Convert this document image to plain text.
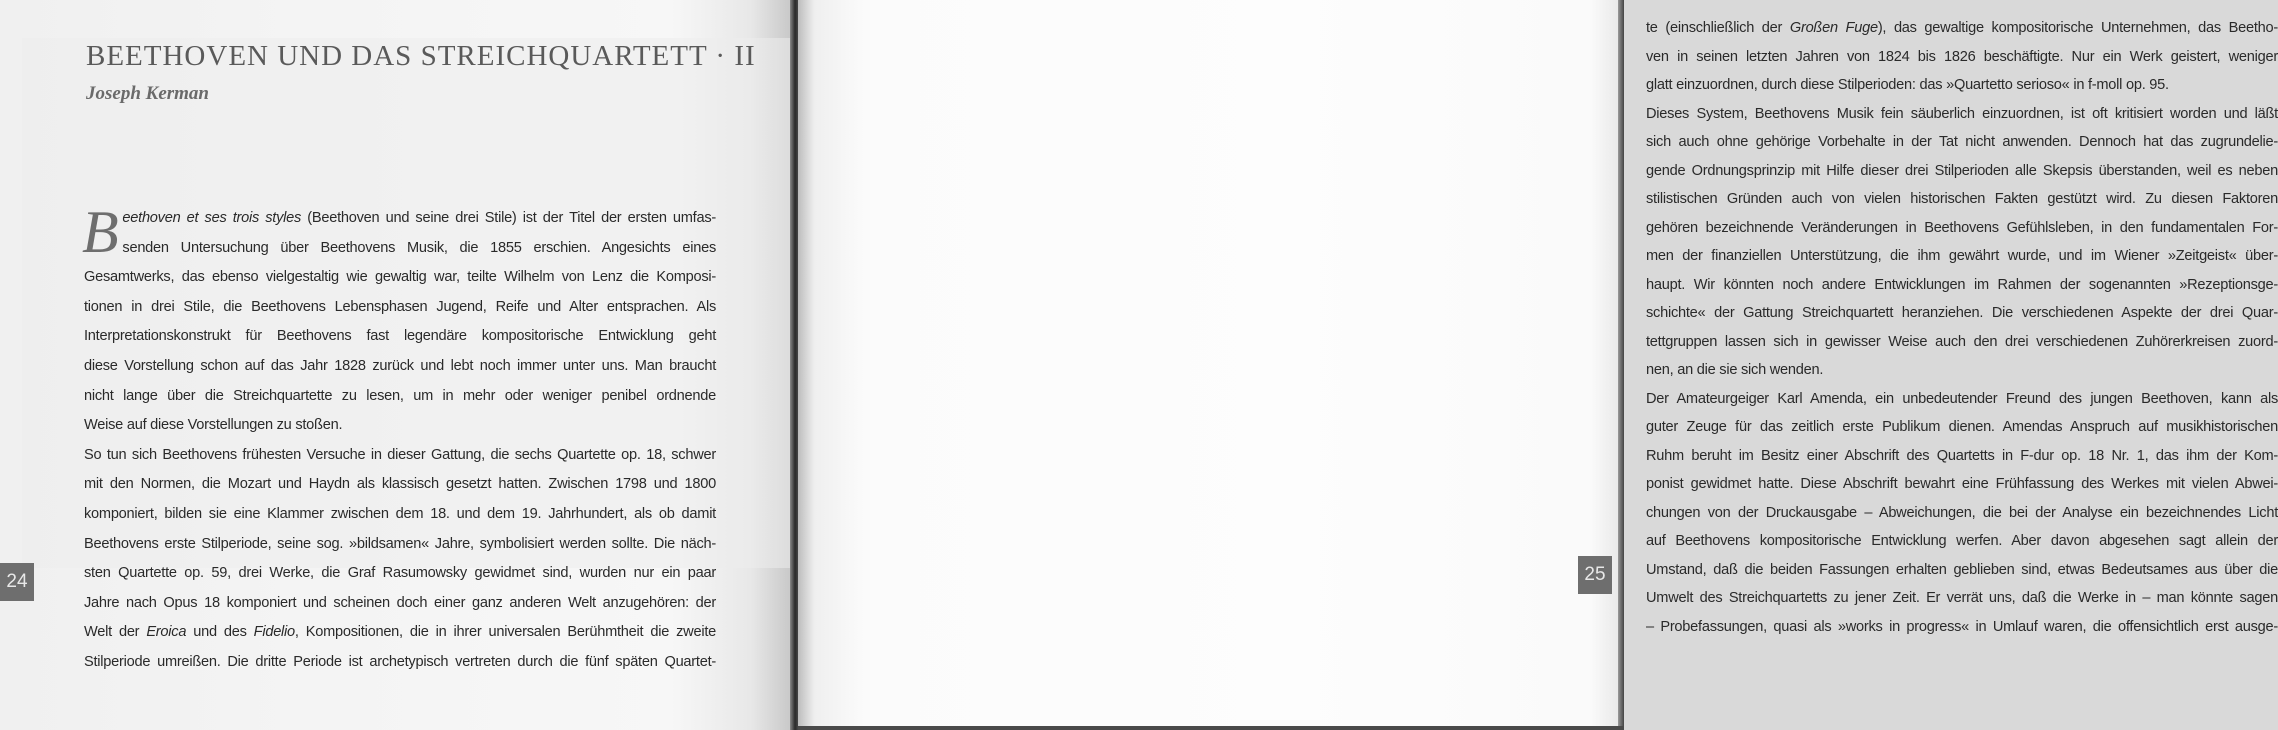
BEETHOVEN UND DAS STREICHQUARTETT · II
Joseph Kerman
B eethoven et ses trois styles (Beethoven und seine drei Stile) ist der Titel der ersten umfas-
senden Untersuchung über Beethovens Musik, die 1855 erschien. Angesichts eines
Gesamtwerks, das ebenso vielgestaltig wie gewaltig war, teilte Wilhelm von Lenz die Komposi-
tionen in drei Stile, die Beethovens Lebensphasen Jugend, Reife und Alter entsprachen. Als
Interpretationskonstrukt für Beethovens fast legendäre kompositorische Entwicklung geht
diese Vorstellung schon auf das Jahr 1828 zurück und lebt noch immer unter uns. Man braucht
nicht lange über die Streichquartette zu lesen, um in mehr oder weniger penibel ordnende
Weise auf diese Vorstellungen zu stoßen.
So tun sich Beethovens frühesten Versuche in dieser Gattung, die sechs Quartette op. 18, schwer
mit den Normen, die Mozart und Haydn als klassisch gesetzt hatten. Zwischen 1798 und 1800
komponiert, bilden sie eine Klammer zwischen dem 18. und dem 19. Jahrhundert, als ob damit
Beethovens erste Stilperiode, seine sog. »bildsamen« Jahre, symbolisiert werden sollte. Die näch-
sten Quartette op. 59, drei Werke, die Graf Rasumowsky gewidmet sind, wurden nur ein paar
Jahre nach Opus 18 komponiert und scheinen doch einer ganz anderen Welt anzugehören: der
Welt der Eroica und des Fidelio, Kompositionen, die in ihrer universalen Berühmtheit die zweite
Stilperiode umreißen. Die dritte Periode ist archetypisch vertreten durch die fünf späten Quartet-
24
te (einschließlich der Großen Fuge), das gewaltige kompositorische Unternehmen, das Beetho-
ven in seinen letzten Jahren von 1824 bis 1826 beschäftigte. Nur ein Werk geistert, weniger
glatt einzuordnen, durch diese Stilperioden: das »Quartetto serioso« in f-moll op. 95.
Dieses System, Beethovens Musik fein säuberlich einzuordnen, ist oft kritisiert worden und läßt
sich auch ohne gehörige Vorbehalte in der Tat nicht anwenden. Dennoch hat das zugrundelie-
gende Ordnungsprinzip mit Hilfe dieser drei Stilperioden alle Skepsis überstanden, weil es neben
stilistischen Gründen auch von vielen historischen Fakten gestützt wird. Zu diesen Faktoren
gehören bezeichnende Veränderungen in Beethovens Gefühlsleben, in den fundamentalen For-
men der finanziellen Unterstützung, die ihm gewährt wurde, und im Wiener »Zeitgeist« über-
haupt. Wir könnten noch andere Entwicklungen im Rahmen der sogenannten »Rezeptionsge-
schichte« der Gattung Streichquartett heranziehen. Die verschiedenen Aspekte der drei Quar-
tettgruppen lassen sich in gewisser Weise auch den drei verschiedenen Zuhörerkreisen zuord-
nen, an die sie sich wenden.
Der Amateurgeiger Karl Amenda, ein unbedeutender Freund des jungen Beethoven, kann als
guter Zeuge für das zeitlich erste Publikum dienen. Amendas Anspruch auf musikhistorischen
Ruhm beruht im Besitz einer Abschrift des Quartetts in F-dur op. 18 Nr. 1, das ihm der Kom-
ponist gewidmet hatte. Diese Abschrift bewahrt eine Frühfassung des Werkes mit vielen Abwei-
chungen von der Druckausgabe – Abweichungen, die bei der Analyse ein bezeichnendes Licht
auf Beethovens kompositorische Entwicklung werfen. Aber davon abgesehen sagt allein der
Umstand, daß die beiden Fassungen erhalten geblieben sind, etwas Bedeutsames aus über die
Umwelt des Streichquartetts zu jener Zeit. Er verrät uns, daß die Werke in – man könnte sagen
– Probefassungen, quasi als »works in progress« in Umlauf waren, die offensichtlich erst ausge-
25
